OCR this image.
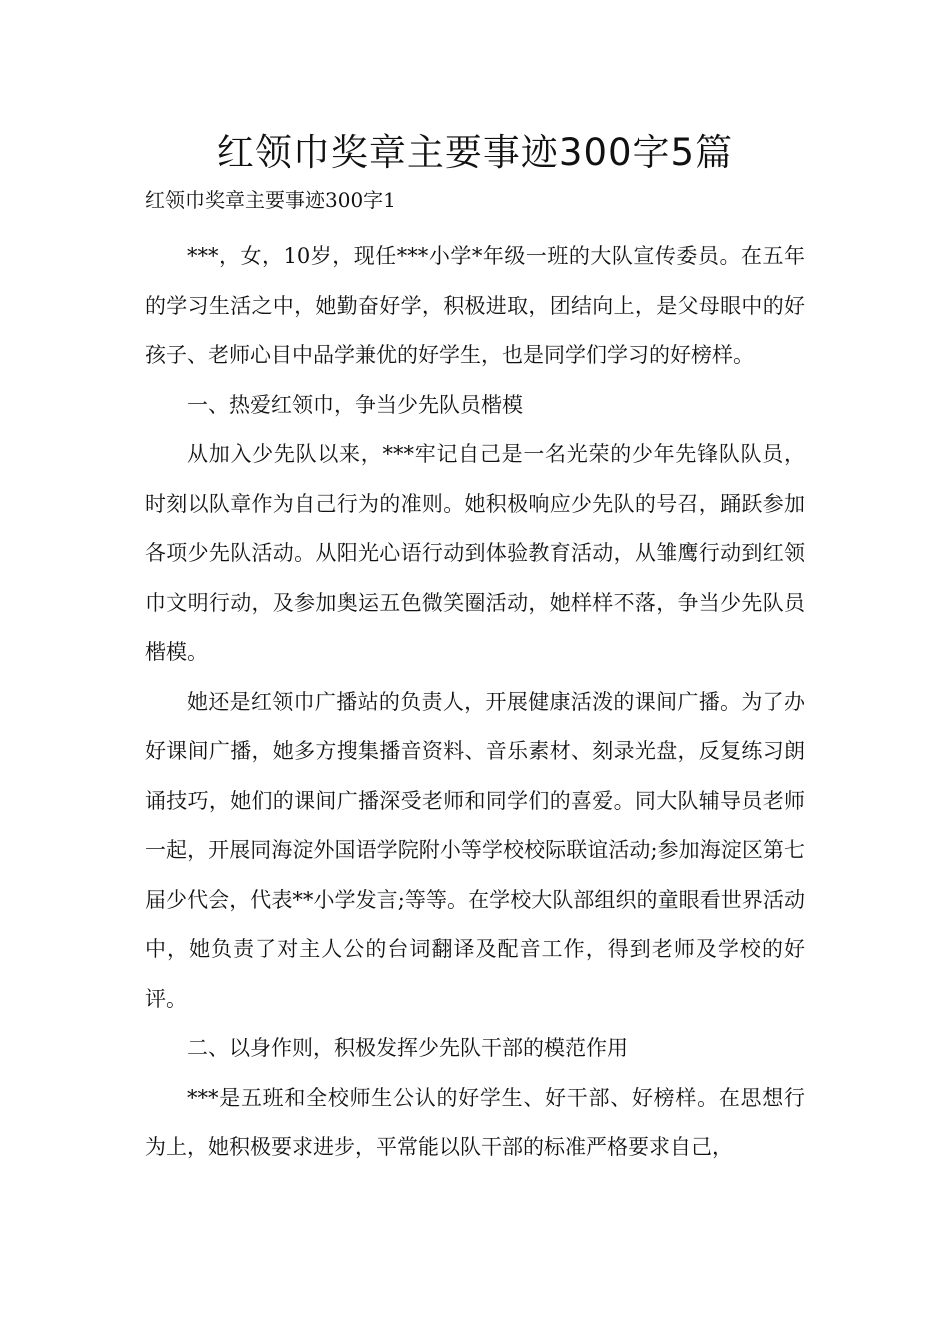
红领巾奖章主要事迹300字5篇
红领巾奖章主要事迹300字1

***，女，10岁，现任***小学*年级一班的大队宣传委员。在五年的学习生活之中，她勤奋好学，积极进取，团结向上，是父母眼中的好孩子、老师心目中品学兼优的好学生，也是同学们学习的好榜样。

一、热爱红领巾，争当少先队员楷模

从加入少先队以来，***牢记自己是一名光荣的少年先锋队队员，时刻以队章作为自己行为的准则。她积极响应少先队的号召，踊跃参加各项少先队活动。从阳光心语行动到体验教育活动，从雏鹰行动到红领巾文明行动，及参加奥运五色微笑圈活动，她样样不落，争当少先队员楷模。

她还是红领巾广播站的负责人，开展健康活泼的课间广播。为了办好课间广播，她多方搜集播音资料、音乐素材、刻录光盘，反复练习朗诵技巧，她们的课间广播深受老师和同学们的喜爱。同大队辅导员老师一起，开展同海淀外国语学院附小等学校校际联谊活动;参加海淀区第七届少代会，代表**小学发言;等等。在学校大队部组织的童眼看世界活动中，她负责了对主人公的台词翻译及配音工作，得到老师及学校的好评。

二、以身作则，积极发挥少先队干部的模范作用

***是五班和全校师生公认的好学生、好干部、好榜样。在思想行为上，她积极要求进步，平常能以队干部的标准严格要求自己，
